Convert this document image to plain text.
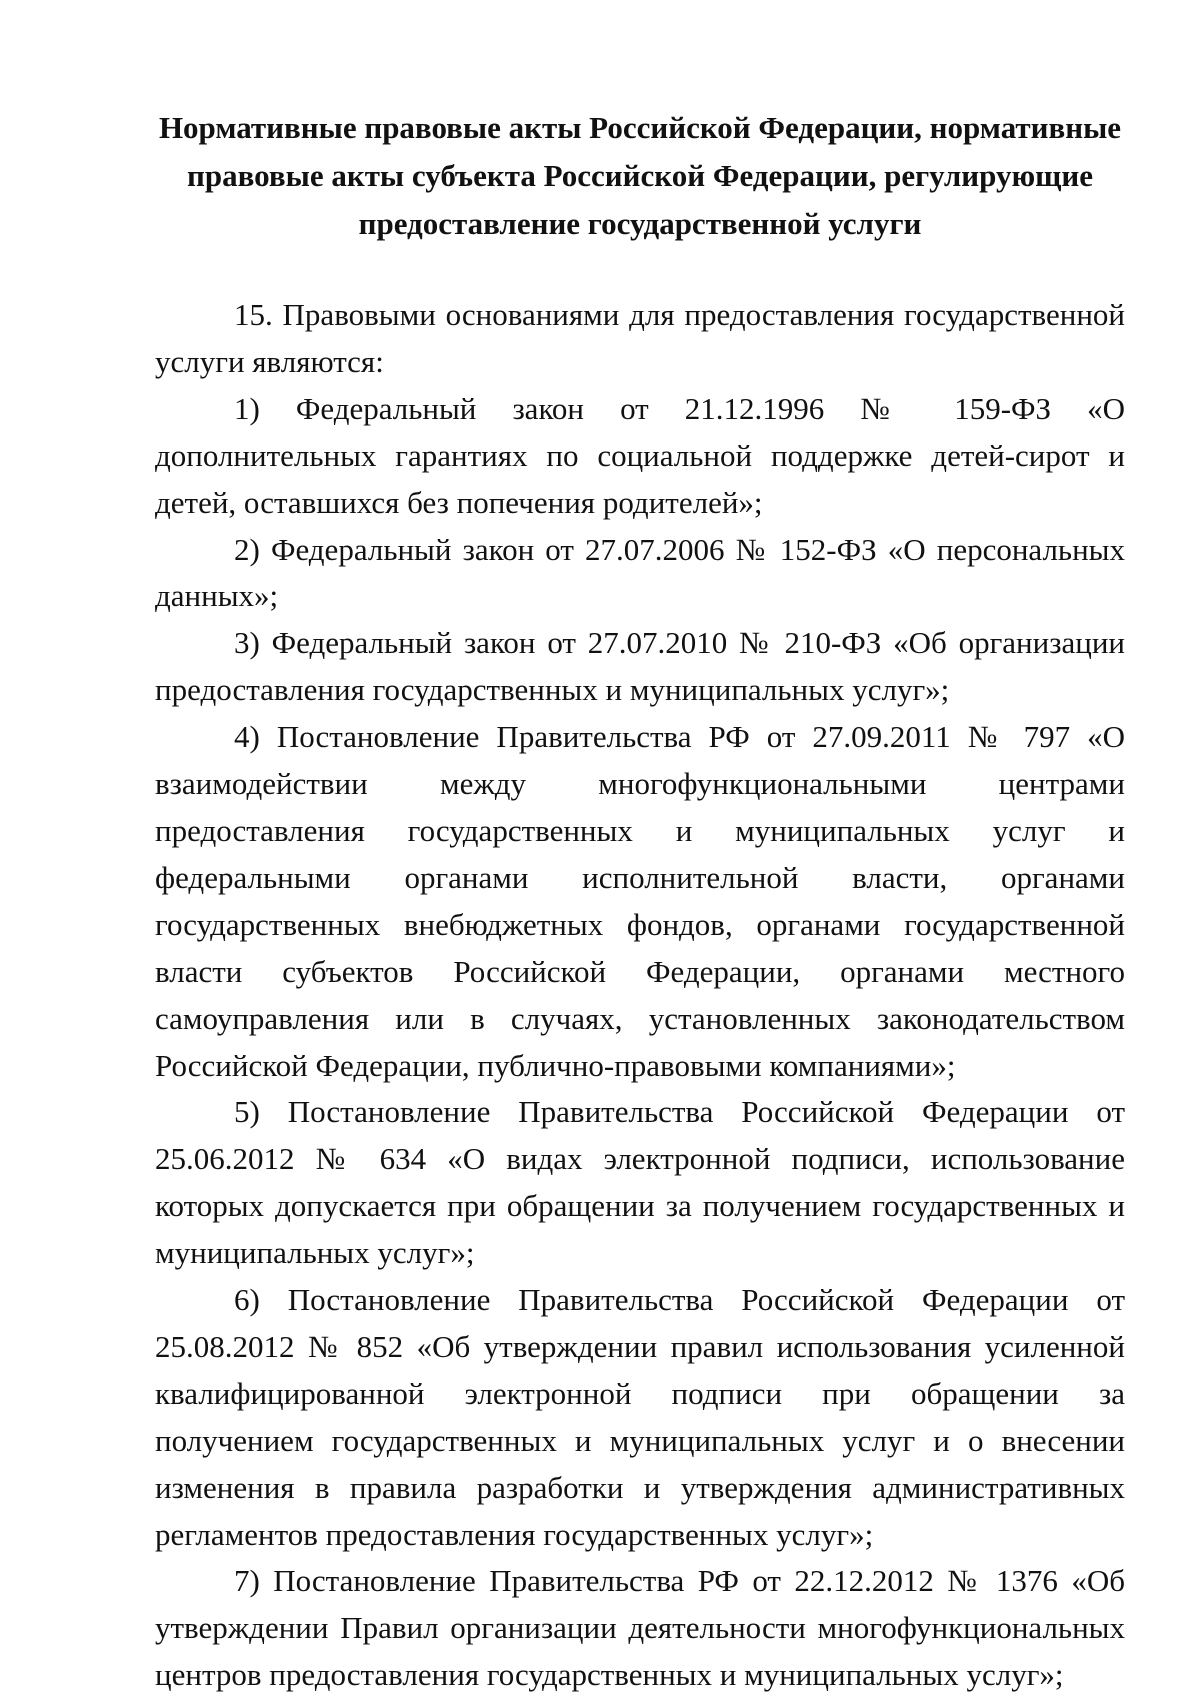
Нормативные правовые акты Российской Федерации, нормативные правовые акты субъекта Российской Федерации, регулирующие предоставление государственной услуги

15. Правовыми основаниями для предоставления государственной услуги являются:

1) Федеральный закон от 21.12.1996 № 159-ФЗ «О дополнительных гарантиях по социальной поддержке детей-сирот и детей, оставшихся без попечения родителей»;

2) Федеральный закон от 27.07.2006 № 152-ФЗ «О персональных данных»;

3) Федеральный закон от 27.07.2010 № 210-ФЗ «Об организации предоставления государственных и муниципальных услуг»;

4) Постановление Правительства РФ от 27.09.2011 № 797 «О взаимодействии между многофункциональными центрами предоставления государственных и муниципальных услуг и федеральными органами исполнительной власти, органами государственных внебюджетных фондов, органами государственной власти субъектов Российской Федерации, органами местного самоуправления или в случаях, установленных законодательством Российской Федерации, публично-правовыми компаниями»;

5) Постановление Правительства Российской Федерации от 25.06.2012 № 634 «О видах электронной подписи, использование которых допускается при обращении за получением государственных и муниципальных услуг»;

6) Постановление Правительства Российской Федерации от 25.08.2012 № 852 «Об утверждении правил использования усиленной квалифицированной электронной подписи при обращении за получением государственных и муниципальных услуг и о внесении изменения в правила разработки и утверждения административных регламентов предоставления государственных услуг»;

7) Постановление Правительства РФ от 22.12.2012 № 1376 «Об утверждении Правил организации деятельности многофункциональных центров предоставления государственных и муниципальных услуг»;
